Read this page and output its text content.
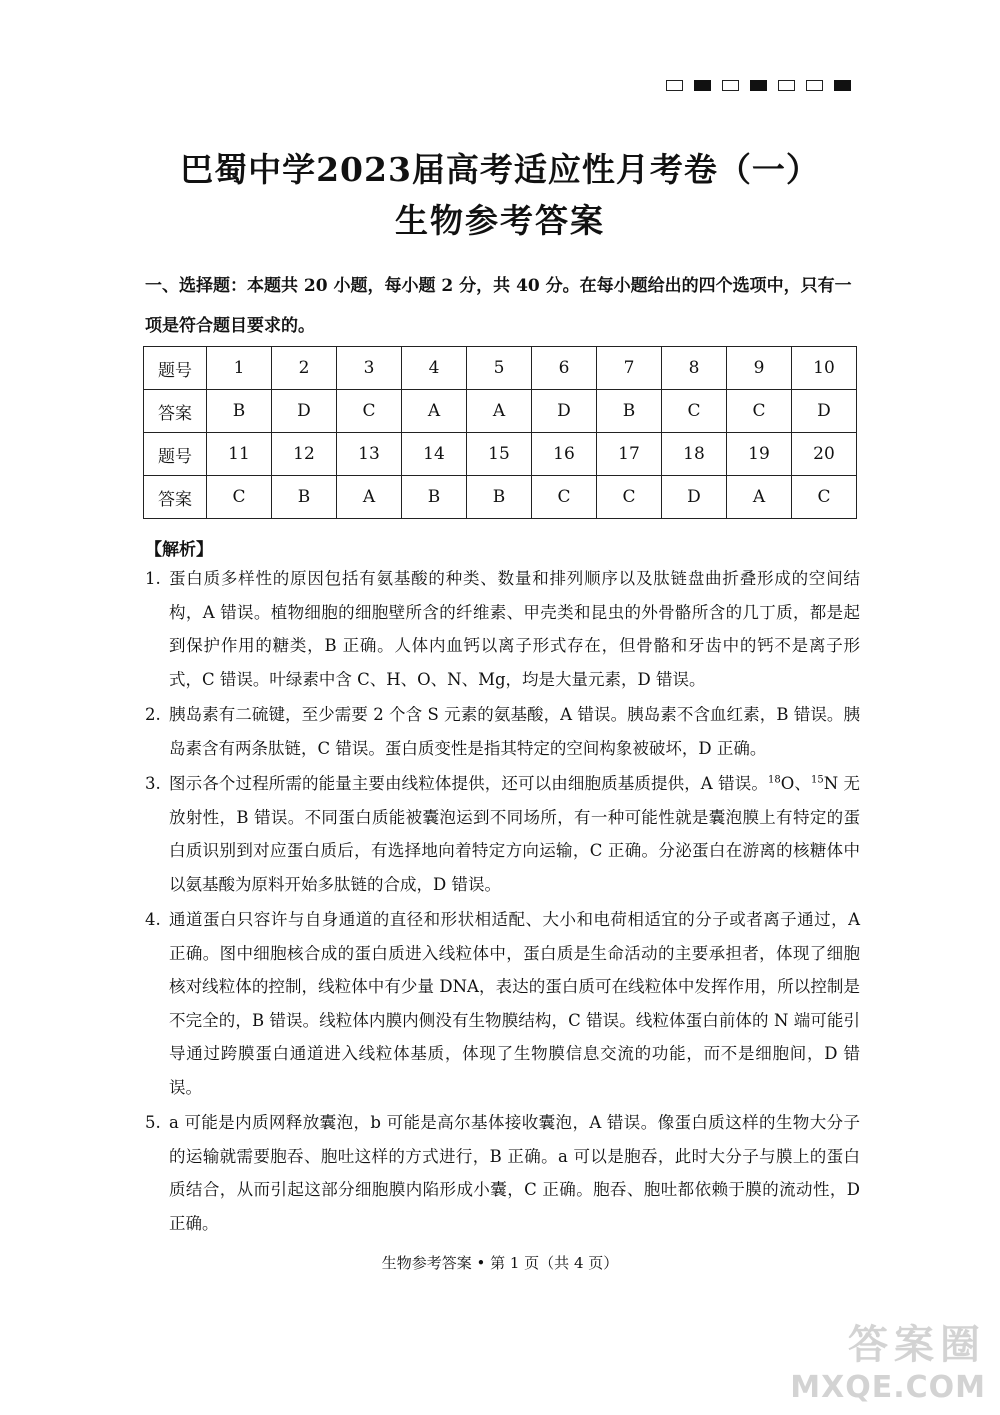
巴蜀中学2023届高考适应性月考卷（一）
生物参考答案
一、选择题：本题共 20 小题，每小题 2 分，共 40 分。在每小题给出的四个选项中，只有一项是符合题目要求的。
题号	1	2	3	4	5	6	7	8	9	10
答案	B	D	C	A	A	D	B	C	C	D
题号	11	12	13	14	15	16	17	18	19	20
答案	C	B	A	B	B	C	C	D	A	C
【解析】
1. 蛋白质多样性的原因包括有氨基酸的种类、数量和排列顺序以及肽链盘曲折叠形成的空间结构，A 错误。植物细胞的细胞壁所含的纤维素、甲壳类和昆虫的外骨骼所含的几丁质，都是起到保护作用的糖类，B 正确。人体内血钙以离子形式存在，但骨骼和牙齿中的钙不是离子形式，C 错误。叶绿素中含 C、H、O、N、Mg，均是大量元素，D 错误。
2. 胰岛素有二硫键，至少需要 2 个含 S 元素的氨基酸，A 错误。胰岛素不含血红素，B 错误。胰岛素含有两条肽链，C 错误。蛋白质变性是指其特定的空间构象被破坏，D 正确。
3. 图示各个过程所需的能量主要由线粒体提供，还可以由细胞质基质提供，A 错误。$^{18}$O、$^{15}$N 无放射性，B 错误。不同蛋白质能被囊泡运到不同场所，有一种可能性就是囊泡膜上有特定的蛋白质识别到对应蛋白质后，有选择地向着特定方向运输，C 正确。分泌蛋白在游离的核糖体中以氨基酸为原料开始多肽链的合成，D 错误。
4. 通道蛋白只容许与自身通道的直径和形状相适配、大小和电荷相适宜的分子或者离子通过，A 正确。图中细胞核合成的蛋白质进入线粒体中，蛋白质是生命活动的主要承担者，体现了细胞核对线粒体的控制，线粒体中有少量 DNA，表达的蛋白质可在线粒体中发挥作用，所以控制是不完全的，B 错误。线粒体内膜内侧没有生物膜结构，C 错误。线粒体蛋白前体的 N 端可能引导通过跨膜蛋白通道进入线粒体基质，体现了生物膜信息交流的功能，而不是细胞间，D 错误。
5. a 可能是内质网释放囊泡，b 可能是高尔基体接收囊泡，A 错误。像蛋白质这样的生物大分子的运输就需要胞吞、胞吐这样的方式进行，B 正确。a 可以是胞吞，此时大分子与膜上的蛋白质结合，从而引起这部分细胞膜内陷形成小囊，C 正确。胞吞、胞吐都依赖于膜的流动性，D 正确。
生物参考答案 • 第 1 页（共 4 页）
答案圈
MXQE.COM
